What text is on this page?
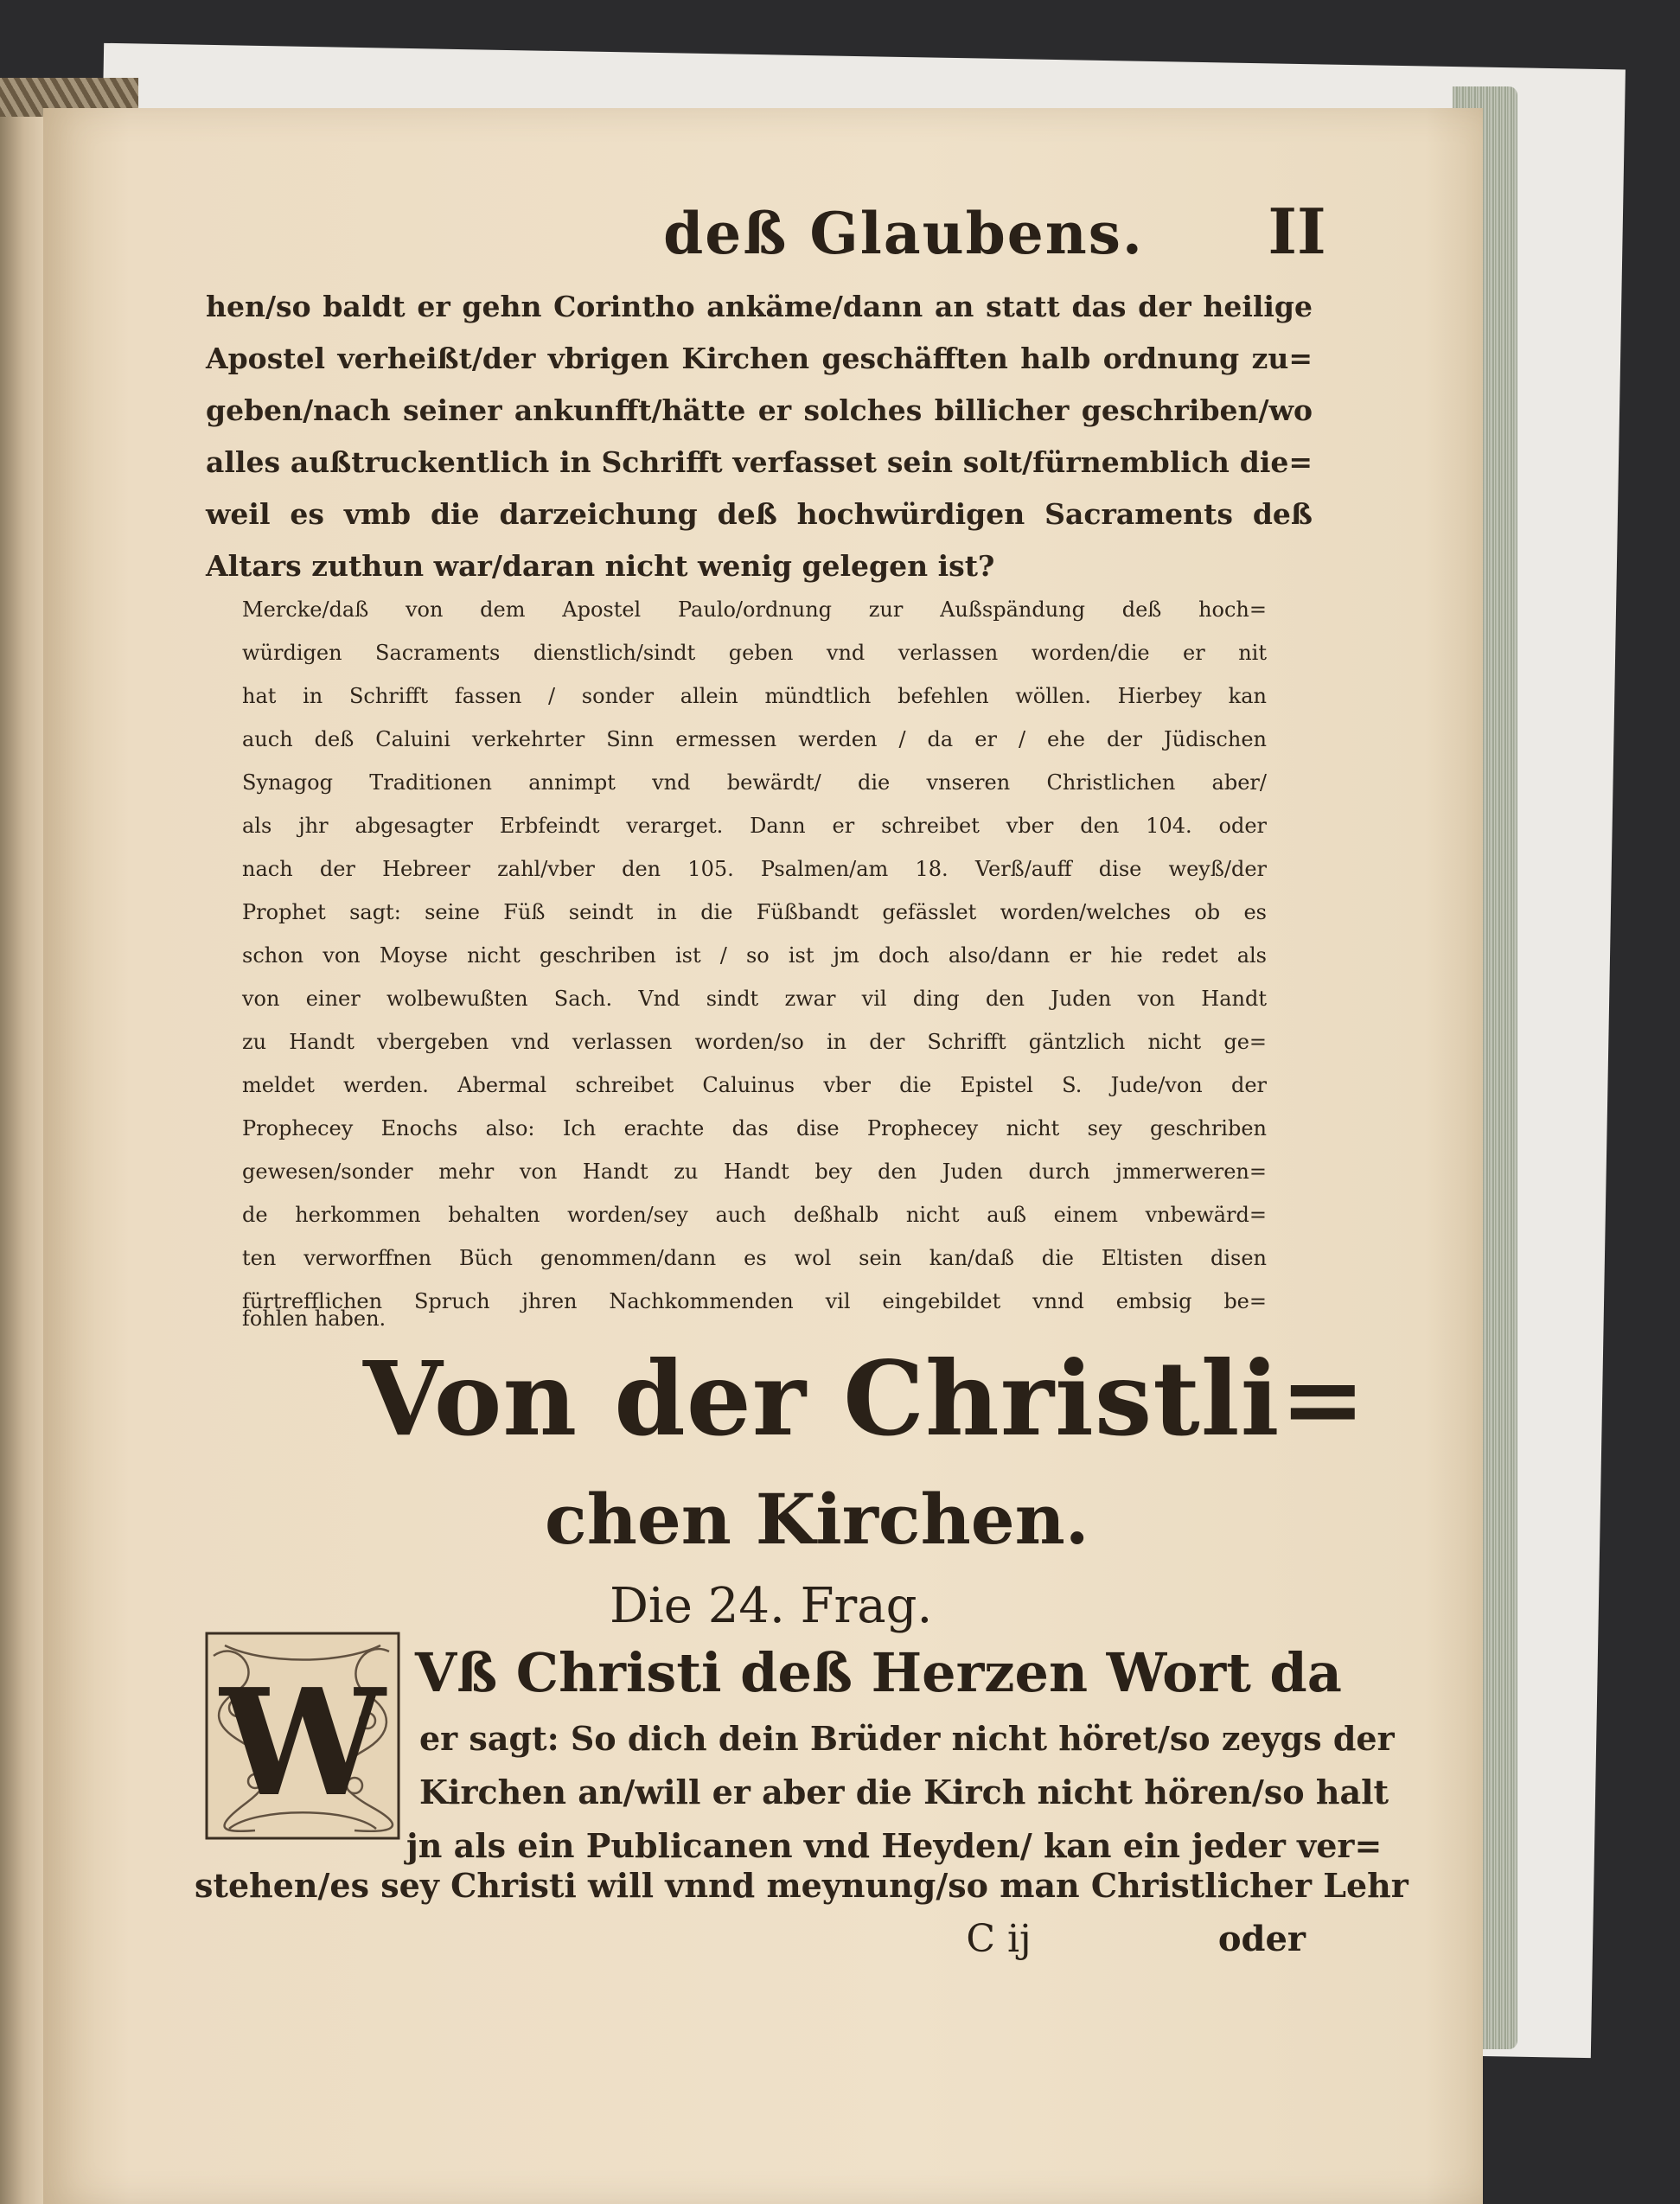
deß Glaubens.	II
hen/so baldt er gehn Corintho ankäme/dann an statt das der heilige
Apostel verheißt/der vbrigen Kirchen geschäfften halb ordnung zu=
geben/nach seiner ankunfft/hätte er solches billicher geschriben/wo
alles außtruckentlich in Schrifft verfasset sein solt/fürnemblich die=
weil es vmb die darzeichung deß hochwürdigen Sacraments deß
Altars zuthun war/daran nicht wenig gelegen ist?
Mercke/daß von dem Apostel Paulo/ordnung zur Außspändung deß hoch=
würdigen Sacraments dienstlich/sindt geben vnd verlassen worden/die er nit
hat in Schrifft fassen / sonder allein mündtlich befehlen wöllen. Hierbey kan
auch deß Caluini verkehrter Sinn ermessen werden / da er / ehe der Jüdischen
Synagog Traditionen annimpt vnd bewärdt/ die vnseren Christlichen aber/
als jhr abgesagter Erbfeindt verarget. Dann er schreibet vber den 104. oder
nach der Hebreer zahl/vber den 105. Psalmen/am 18. Verß/auff dise weyß/der
Prophet sagt: seine Füß seindt in die Füßbandt gefässlet worden/welches ob es
schon von Moyse nicht geschriben ist / so ist jm doch also/dann er hie redet als
von einer wolbewußten Sach. Vnd sindt zwar vil ding den Juden von Handt
zu Handt vbergeben vnd verlassen worden/so in der Schrifft gäntzlich nicht ge=
meldet werden. Abermal schreibet Caluinus vber die Epistel S. Jude/von der
Prophecey Enochs also: Ich erachte das dise Prophecey nicht sey geschriben
gewesen/sonder mehr von Handt zu Handt bey den Juden durch jmmerweren=
de herkommen behalten worden/sey auch deßhalb nicht auß einem vnbewärd=
ten verworffnen Büch genommen/dann es wol sein kan/daß die Eltisten disen
fürtrefflichen Spruch jhren Nachkommenden vil eingebildet vnnd embsig be=
fohlen haben.
Von der Christli=
chen Kirchen.
Die 24. Frag.
W Vß Christi deß Herzen Wort da
er sagt: So dich dein Brüder nicht höret/so zeygs der
Kirchen an/will er aber die Kirch nicht hören/so halt
jn als ein Publicanen vnd Heyden/ kan ein jeder ver=
stehen/es sey Christi will vnnd meynung/so man Christlicher Lehr
C ij	oder
